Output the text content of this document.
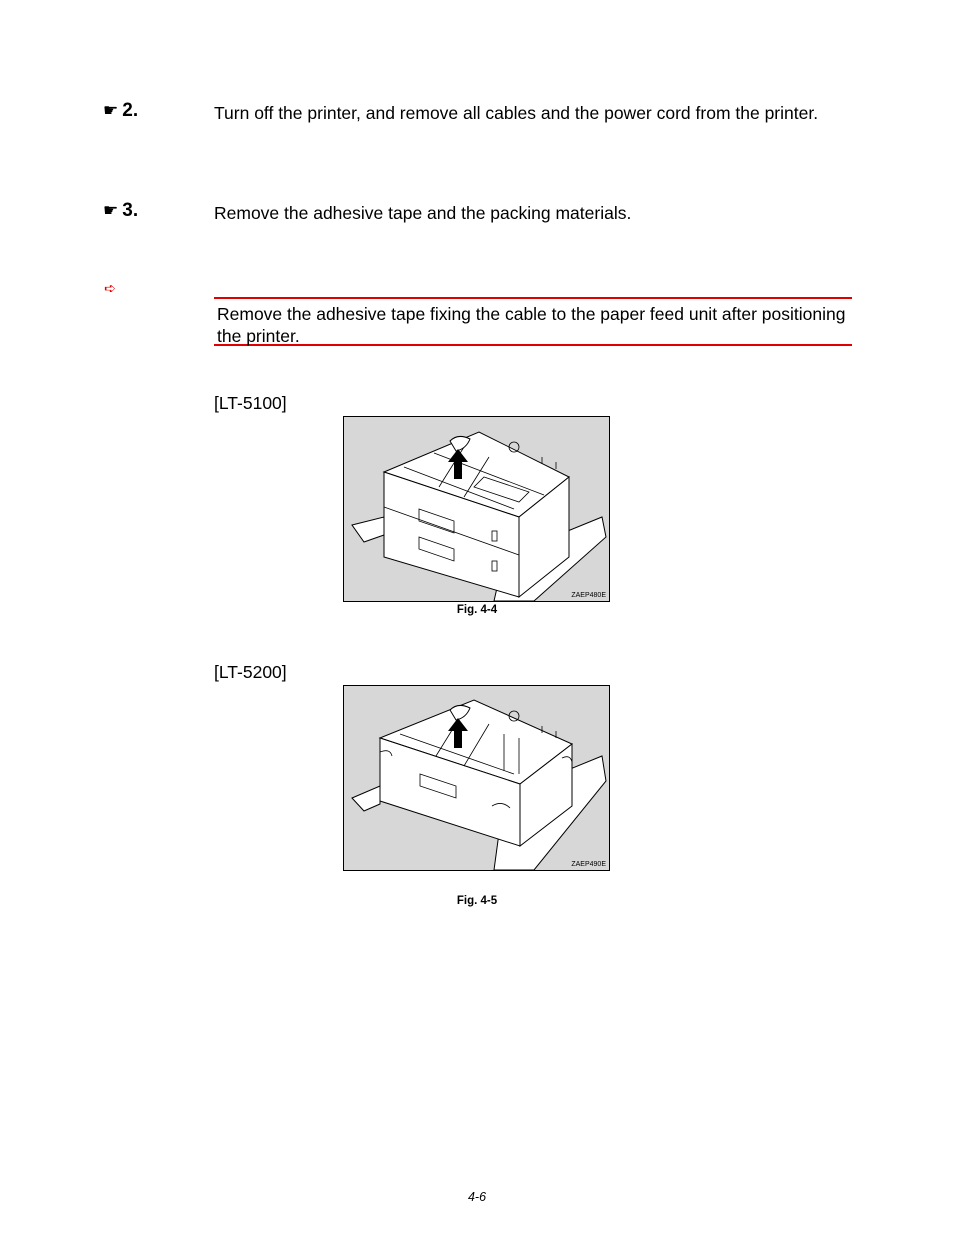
☛ 2.	Turn off the printer, and remove all cables and the power cord from the printer.
☛ 3.	Remove the adhesive tape and the packing materials.
➪
Remove the adhesive tape fixing the cable to the paper feed unit after positioning the printer.
[LT-5100]
ZAEP480E
Fig. 4-4
[LT-5200]
ZAEP490E
Fig. 4-5
4-6
